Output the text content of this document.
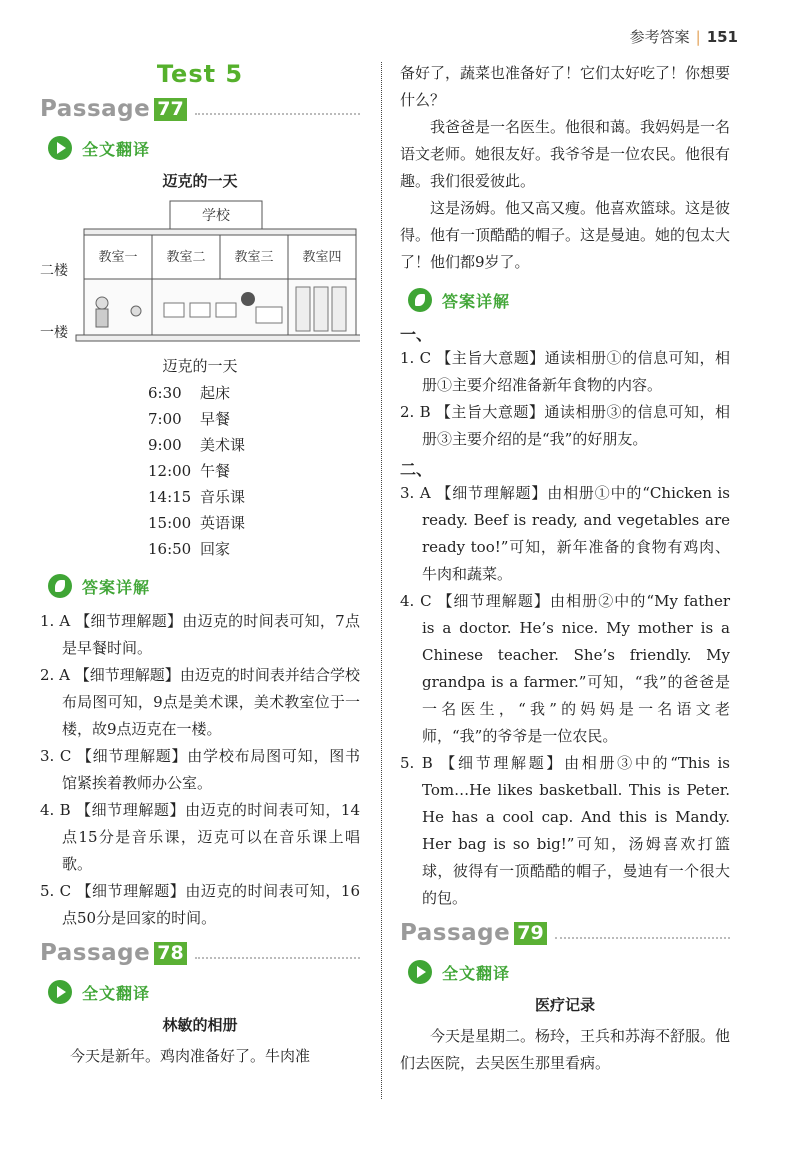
参考答案 | 151
Test 5
Passage 77
全文翻译
迈克的一天
学校
教室一 教室二 教室三 教室四
二楼
一楼
迈克的一天
6:30	起床
7:00	早餐
9:00	美术课
12:00 午餐
14:15 音乐课
15:00 英语课
16:50 回家
答案详解

1. A 【细节理解题】由迈克的时间表可知，7点是早餐时间。

2. A 【细节理解题】由迈克的时间表并结合学校布局图可知，9点是美术课，美术教室位于一楼，故9点迈克在一楼。

3. C 【细节理解题】由学校布局图可知，图书馆紧挨着教师办公室。

4. B 【细节理解题】由迈克的时间表可知，14点15分是音乐课，迈克可以在音乐课上唱歌。

5. C 【细节理解题】由迈克的时间表可知，16点50分是回家的时间。

Passage 78
全文翻译
林敏的相册

今天是新年。鸡肉准备好了。牛肉准

备好了，蔬菜也准备好了！它们太好吃了！你想要什么？

我爸爸是一名医生。他很和蔼。我妈妈是一名语文老师。她很友好。我爷爷是一位农民。他很有趣。我们很爱彼此。

这是汤姆。他又高又瘦。他喜欢篮球。这是彼得。他有一顶酷酷的帽子。这是曼迪。她的包太大了！他们都9岁了。

答案详解
一、

1. C 【主旨大意题】通读相册①的信息可知，相册①主要介绍准备新年食物的内容。

2. B 【主旨大意题】通读相册③的信息可知，相册③主要介绍的是“我”的好朋友。

二、

3. A 【细节理解题】由相册①中的“Chicken is ready. Beef is ready, and vegetables are ready too!”可知，新年准备的食物有鸡肉、牛肉和蔬菜。

4. C 【细节理解题】由相册②中的“My father is a doctor. He’s nice. My mother is a Chinese teacher. She’s friendly. My grandpa is a farmer.”可知，“我”的爸爸是一名医生，“我”的妈妈是一名语文老师，“我”的爷爷是一位农民。

5. B 【细节理解题】由相册③中的“This is Tom…He likes basketball. This is Peter. He has a cool cap. And this is Mandy. Her bag is so big!”可知，汤姆喜欢打篮球，彼得有一顶酷酷的帽子，曼迪有一个很大的包。

Passage 79
全文翻译
医疗记录

今天是星期二。杨玲，王兵和苏海不舒服。他们去医院，去吴医生那里看病。
